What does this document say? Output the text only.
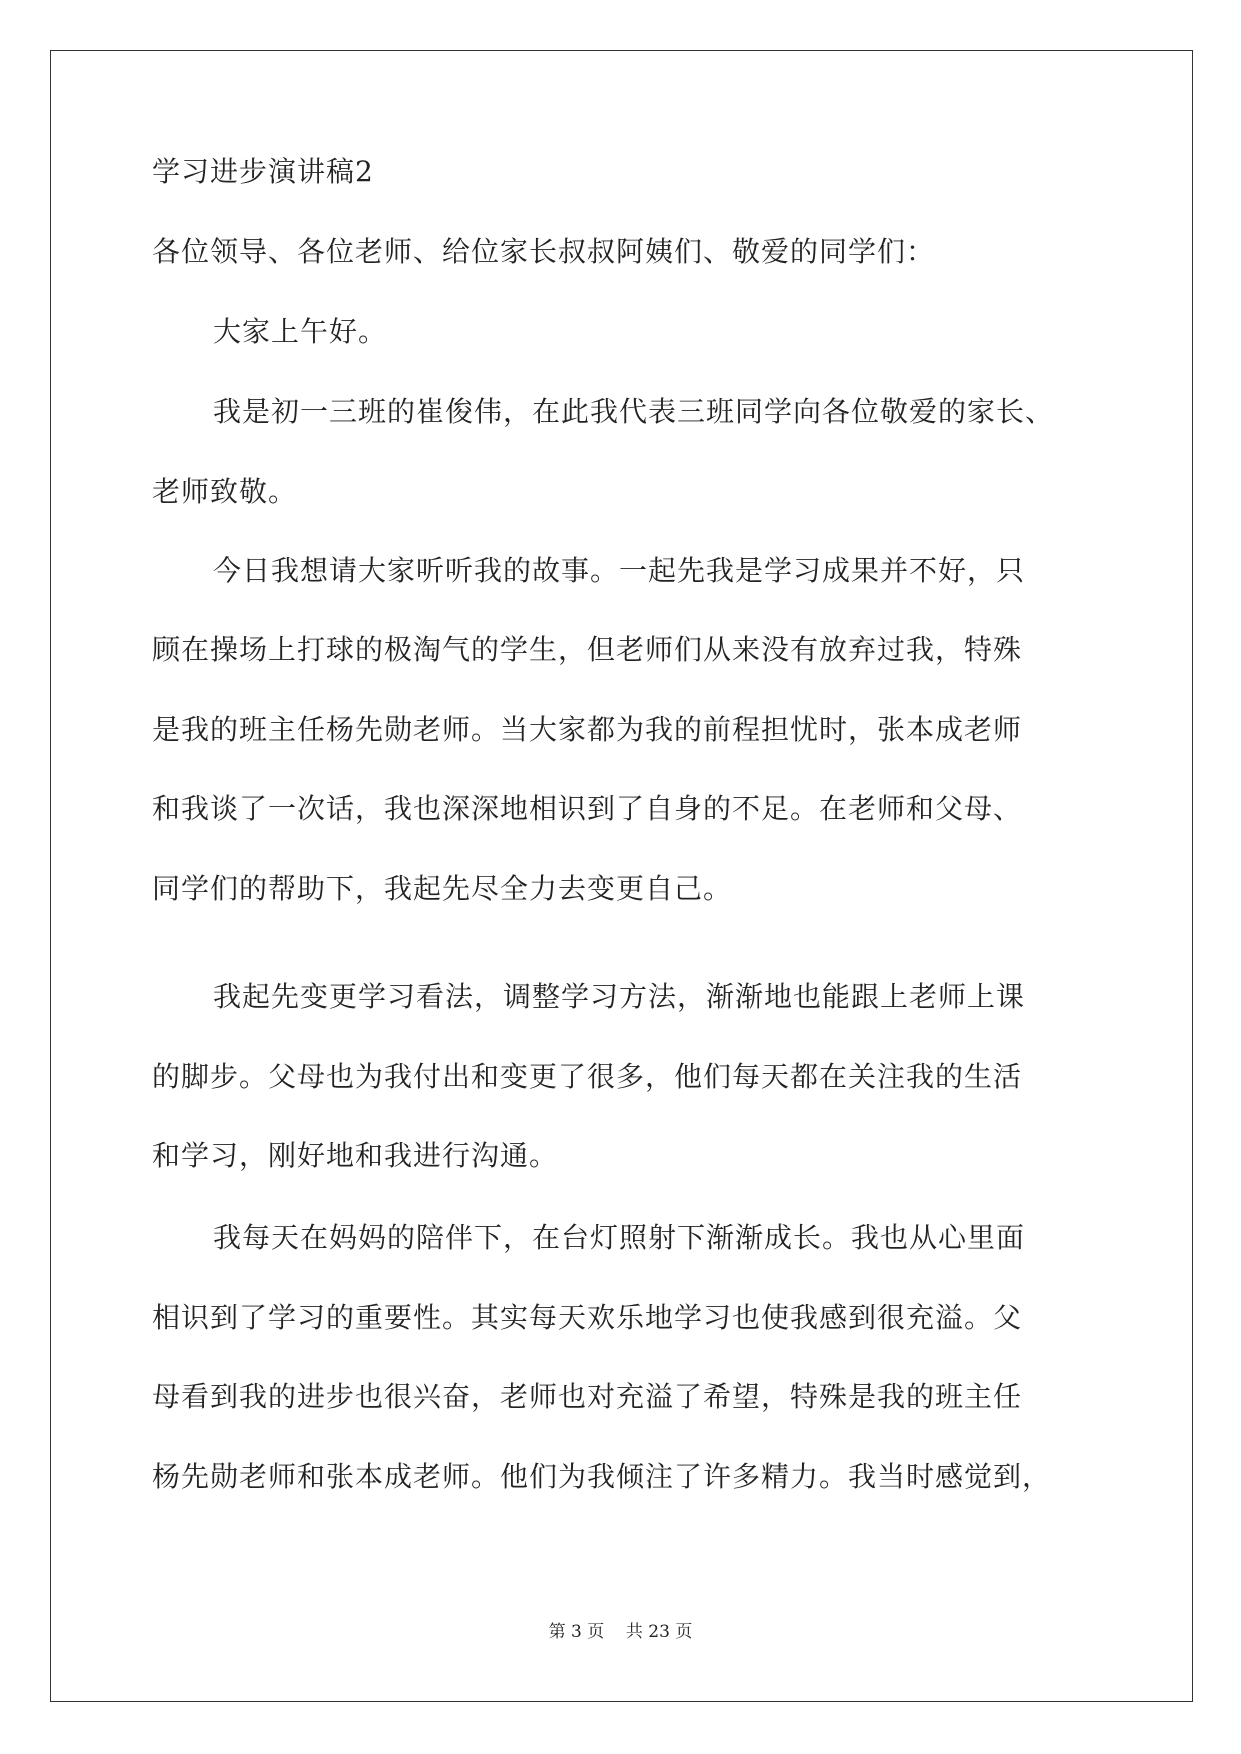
学习进步演讲稿2
各位领导、各位老师、给位家长叔叔阿姨们、敬爱的同学们：
大家上午好。
我是初一三班的崔俊伟，在此我代表三班同学向各位敬爱的家长、
老师致敬。
今日我想请大家听听我的故事。一起先我是学习成果并不好，只
顾在操场上打球的极淘气的学生，但老师们从来没有放弃过我，特殊
是我的班主任杨先勋老师。当大家都为我的前程担忧时，张本成老师
和我谈了一次话，我也深深地相识到了自身的不足。在老师和父母、
同学们的帮助下，我起先尽全力去变更自己。
我起先变更学习看法，调整学习方法，渐渐地也能跟上老师上课
的脚步。父母也为我付出和变更了很多，他们每天都在关注我的生活
和学习，刚好地和我进行沟通。
我每天在妈妈的陪伴下，在台灯照射下渐渐成长。我也从心里面
相识到了学习的重要性。其实每天欢乐地学习也使我感到很充溢。父
母看到我的进步也很兴奋，老师也对充溢了希望，特殊是我的班主任
杨先勋老师和张本成老师。他们为我倾注了许多精力。我当时感觉到，
第 3 页 共 23 页
